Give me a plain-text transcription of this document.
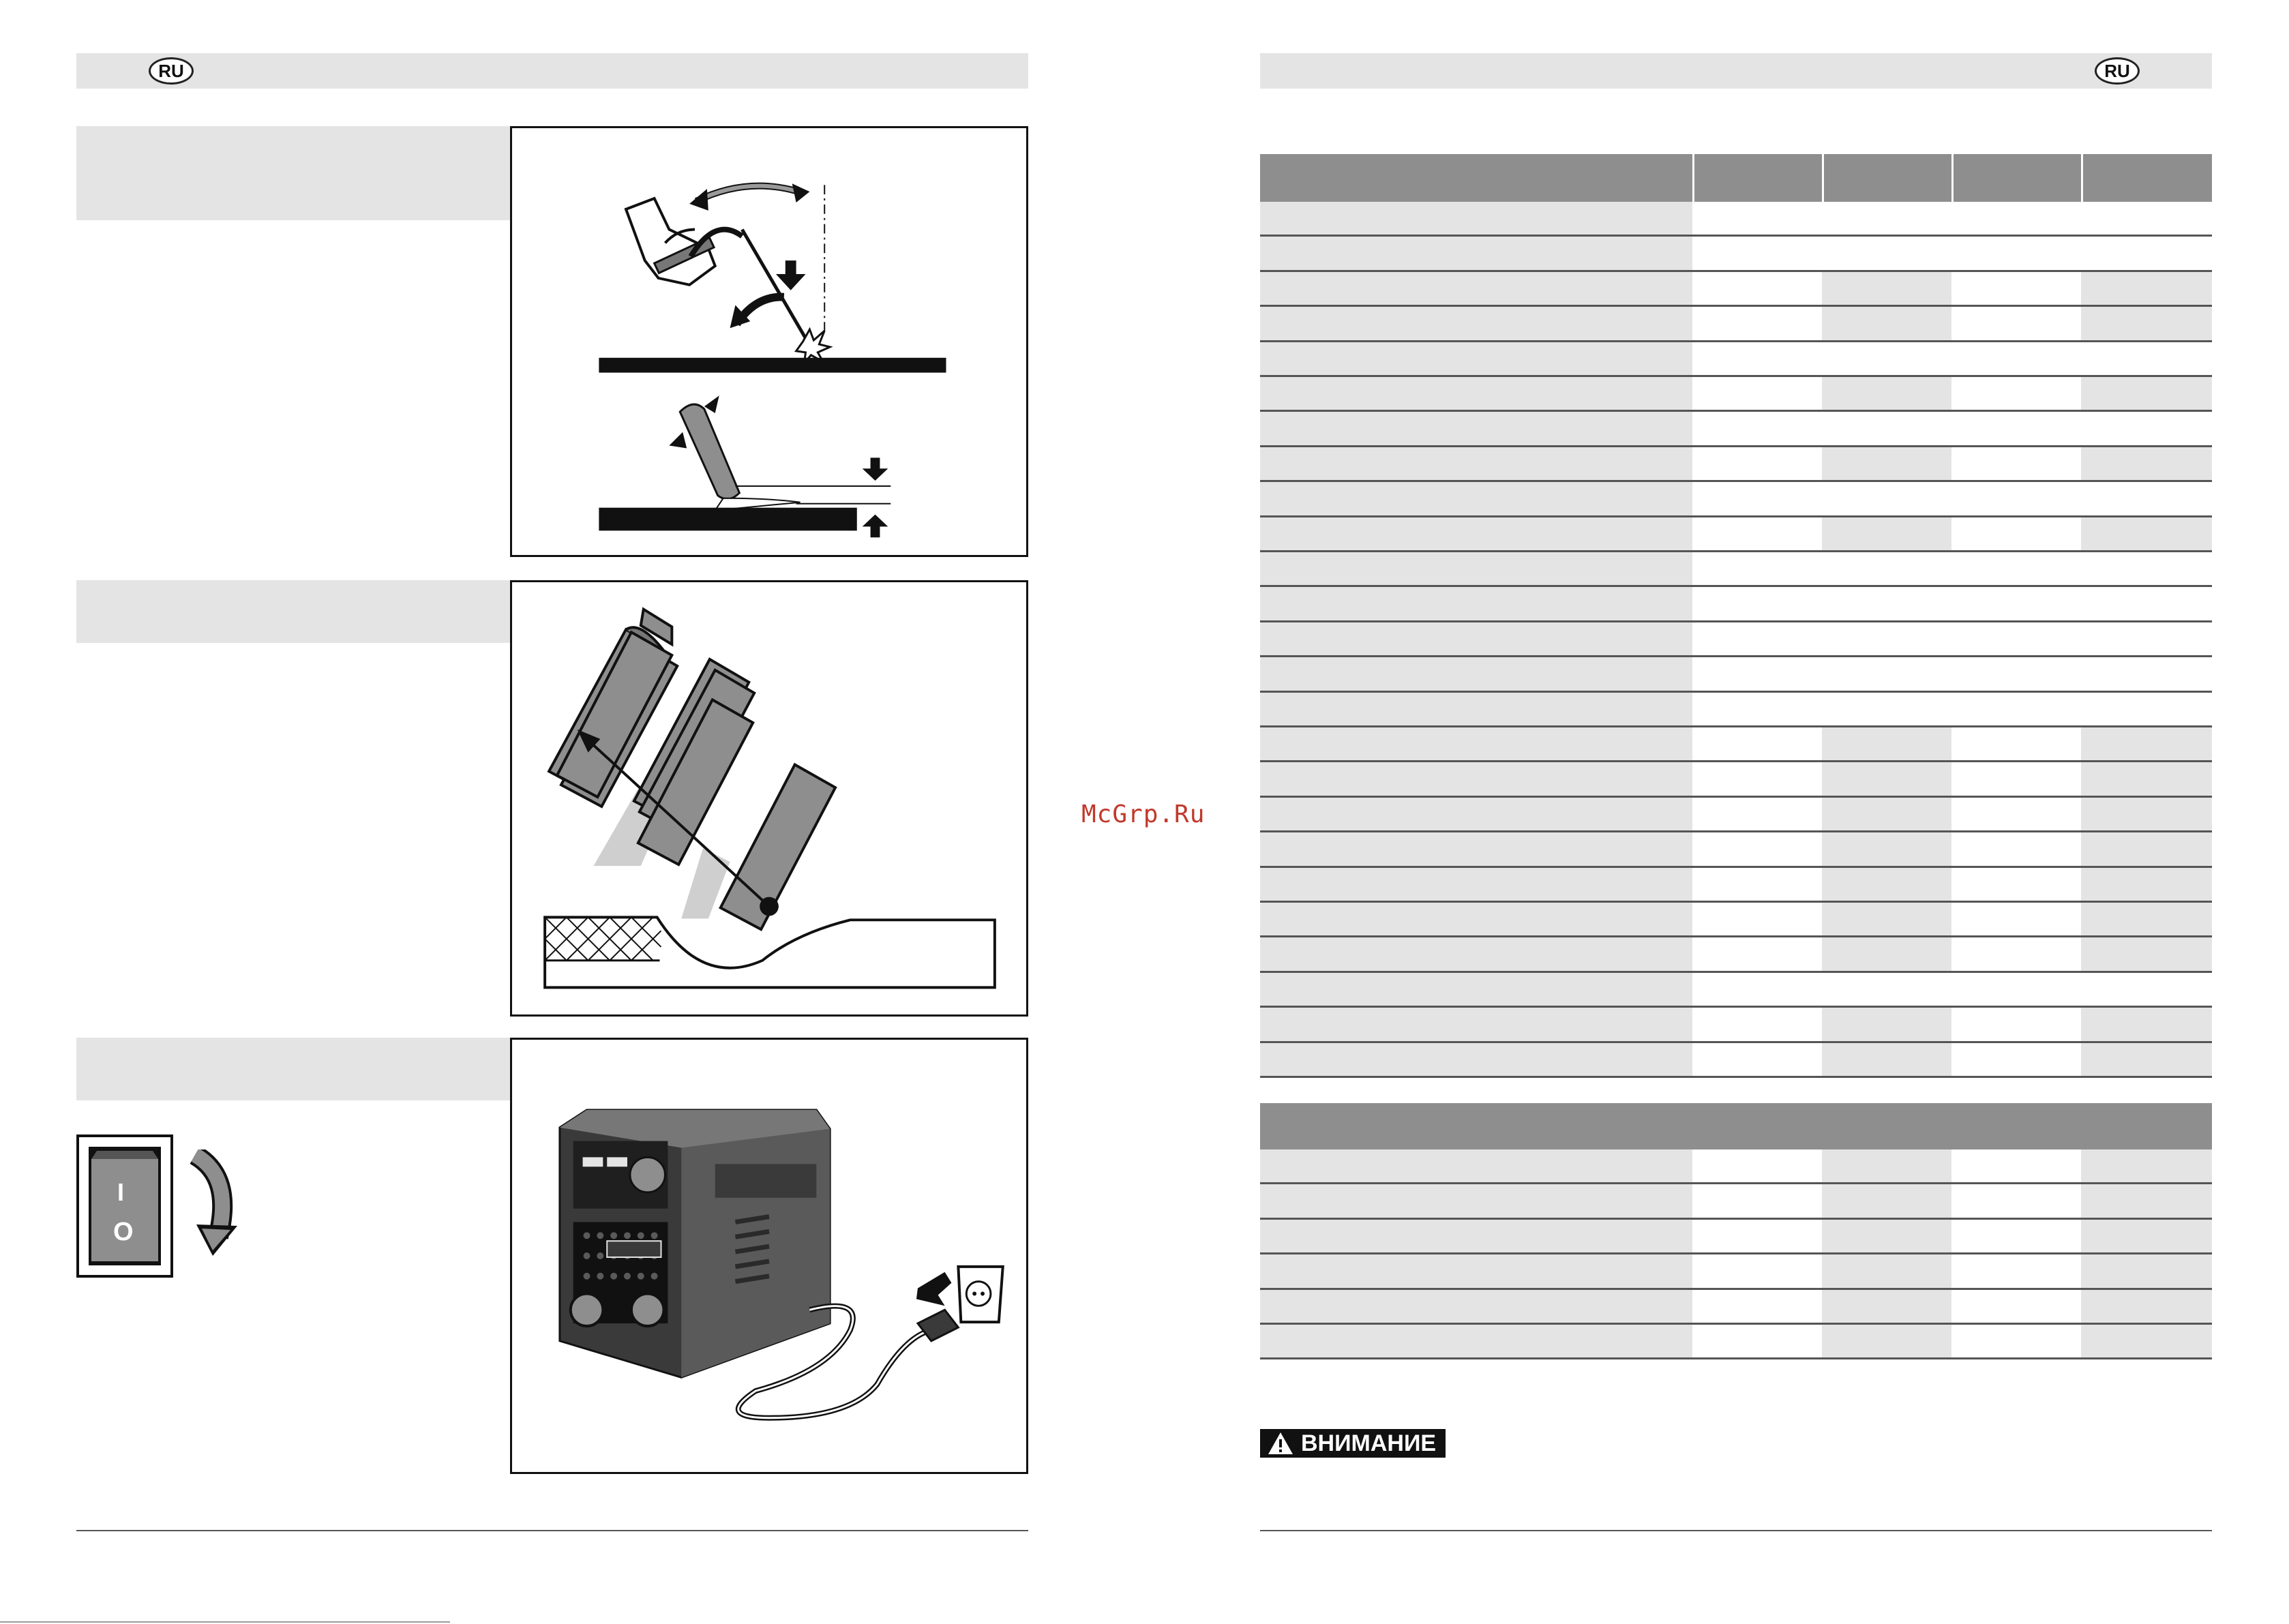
RU
I
O
McGrp.Ru
RU
ВНИМАНИЕ
